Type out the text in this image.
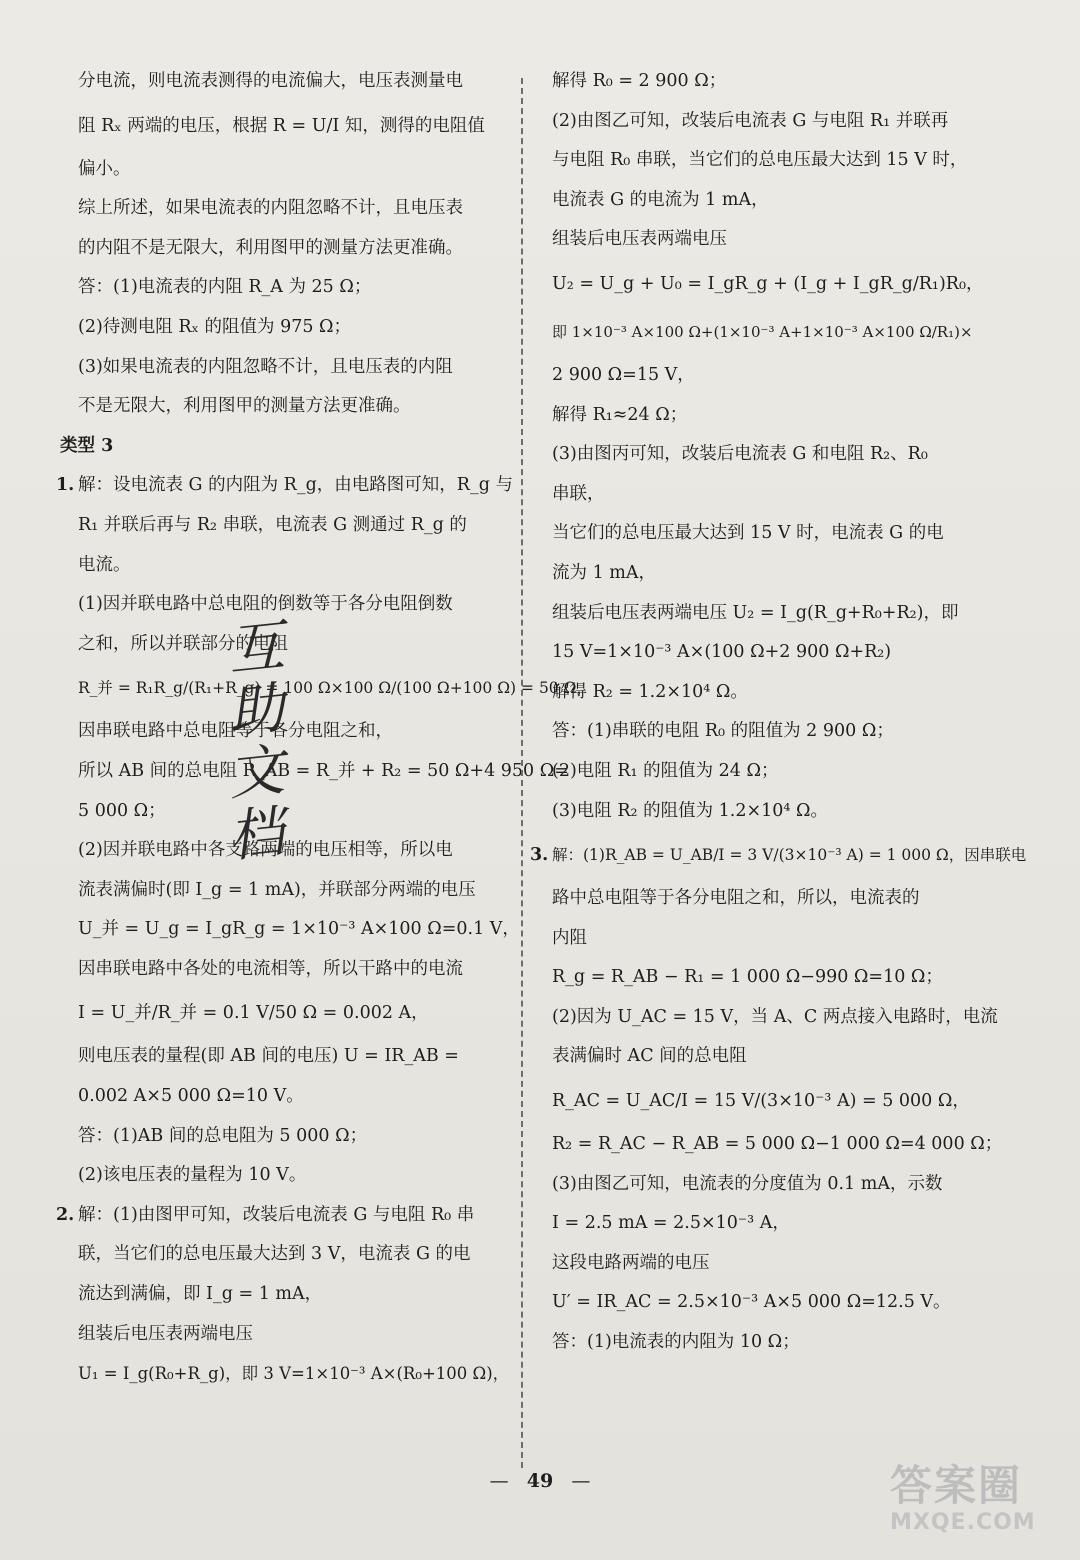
分电流，则电流表测得的电流偏大，电压表测量电
阻 Rₓ 两端的电压，根据 R = U/I 知，测得的电阻值
偏小。
综上所述，如果电流表的内阻忽略不计，且电压表
的内阻不是无限大，利用图甲的测量方法更准确。
答：(1)电流表的内阻 R_A 为 25 Ω；
(2)待测电阻 Rₓ 的阻值为 975 Ω；
(3)如果电流表的内阻忽略不计，且电压表的内阻
不是无限大，利用图甲的测量方法更准确。
类型 3
1. 解：设电流表 G 的内阻为 R_g，由电路图可知，R_g 与
R₁ 并联后再与 R₂ 串联，电流表 G 测通过 R_g 的
电流。
(1)因并联电路中总电阻的倒数等于各分电阻倒数
之和，所以并联部分的电阻
R_并 = R₁R_g/(R₁+R_g) = 100 Ω×100 Ω/(100 Ω+100 Ω) = 50 Ω，
因串联电路中总电阻等于各分电阻之和，
所以 AB 间的总电阻 R_AB = R_并 + R₂ = 50 Ω+4 950 Ω=
5 000 Ω；
(2)因并联电路中各支路两端的电压相等，所以电
流表满偏时(即 I_g = 1 mA)，并联部分两端的电压
U_并 = U_g = I_gR_g = 1×10⁻³ A×100 Ω=0.1 V，
因串联电路中各处的电流相等，所以干路中的电流
I = U_并/R_并 = 0.1 V/50 Ω = 0.002 A，
则电压表的量程(即 AB 间的电压) U = IR_AB =
0.002 A×5 000 Ω=10 V。
答：(1)AB 间的总电阻为 5 000 Ω；
(2)该电压表的量程为 10 V。
2. 解：(1)由图甲可知，改装后电流表 G 与电阻 R₀ 串
联，当它们的总电压最大达到 3 V，电流表 G 的电
流达到满偏，即 I_g = 1 mA，
组装后电压表两端电压
U₁ = I_g(R₀+R_g)，即 3 V=1×10⁻³ A×(R₀+100 Ω)，
解得 R₀ = 2 900 Ω；
(2)由图乙可知，改装后电流表 G 与电阻 R₁ 并联再
与电阻 R₀ 串联，当它们的总电压最大达到 15 V 时，
电流表 G 的电流为 1 mA，
组装后电压表两端电压
U₂ = U_g + U₀ = I_gR_g + (I_g + I_gR_g/R₁)R₀，
即 1×10⁻³ A×100 Ω+(1×10⁻³ A+1×10⁻³ A×100 Ω/R₁)×
2 900 Ω=15 V，
解得 R₁≈24 Ω；
(3)由图丙可知，改装后电流表 G 和电阻 R₂、R₀
串联，
当它们的总电压最大达到 15 V 时，电流表 G 的电
流为 1 mA，
组装后电压表两端电压 U₂ = I_g(R_g+R₀+R₂)，即
15 V=1×10⁻³ A×(100 Ω+2 900 Ω+R₂)
解得 R₂ = 1.2×10⁴ Ω。
答：(1)串联的电阻 R₀ 的阻值为 2 900 Ω；
(2)电阻 R₁ 的阻值为 24 Ω；
(3)电阻 R₂ 的阻值为 1.2×10⁴ Ω。
3. 解：(1)R_AB = U_AB/I = 3 V/(3×10⁻³ A) = 1 000 Ω，因串联电
路中总电阻等于各分电阻之和，所以，电流表的
内阻
R_g = R_AB − R₁ = 1 000 Ω−990 Ω=10 Ω；
(2)因为 U_AC = 15 V，当 A、C 两点接入电路时，电流
表满偏时 AC 间的总电阻
R_AC = U_AC/I = 15 V/(3×10⁻³ A) = 5 000 Ω，
R₂ = R_AC − R_AB = 5 000 Ω−1 000 Ω=4 000 Ω；
(3)由图乙可知，电流表的分度值为 0.1 mA，示数
I = 2.5 mA = 2.5×10⁻³ A，
这段电路两端的电压
U′ = IR_AC = 2.5×10⁻³ A×5 000 Ω=12.5 V。
答：(1)电流表的内阻为 10 Ω；
互
助
文
档
— 49 —	答案圈
MXQE.COM
